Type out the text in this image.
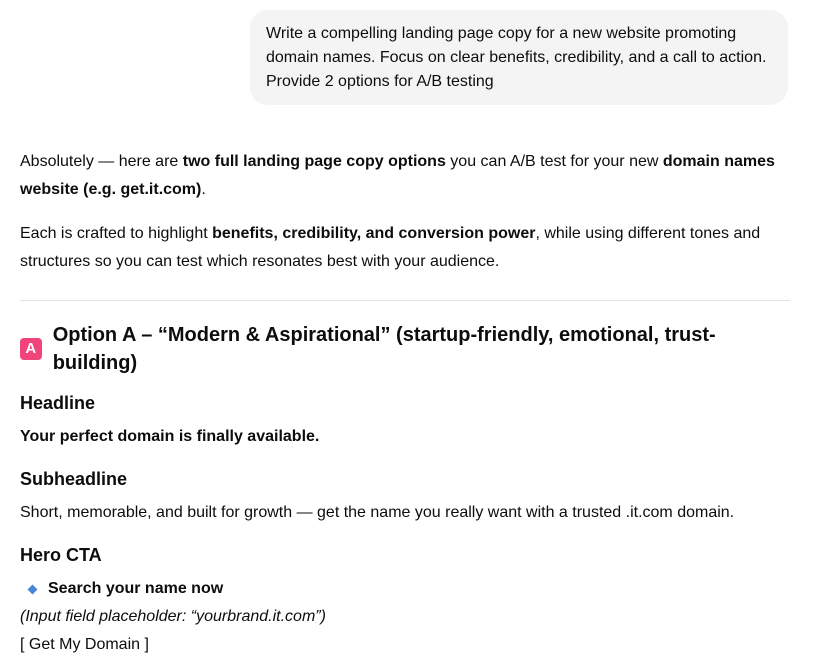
Write a compelling landing page copy for a new website promoting
domain names. Focus on clear benefits, credibility, and a call to action.
Provide 2 options for A/B testing

Absolutely — here are two full landing page copy options you can A/B test for your new domain names website (e.g. get.it.com).

Each is crafted to highlight benefits, credibility, and conversion power, while using different tones and structures so you can test which resonates best with your audience.

A
Option A – “Modern & Aspirational” (startup-friendly, emotional, trust-building)
Headline
Your perfect domain is finally available.
Subheadline
Short, memorable, and built for growth — get the name you really want with a trusted .it.com domain.
Hero CTA
Search your name now
(Input field placeholder: “yourbrand.it.com”)
[ Get My Domain ]
